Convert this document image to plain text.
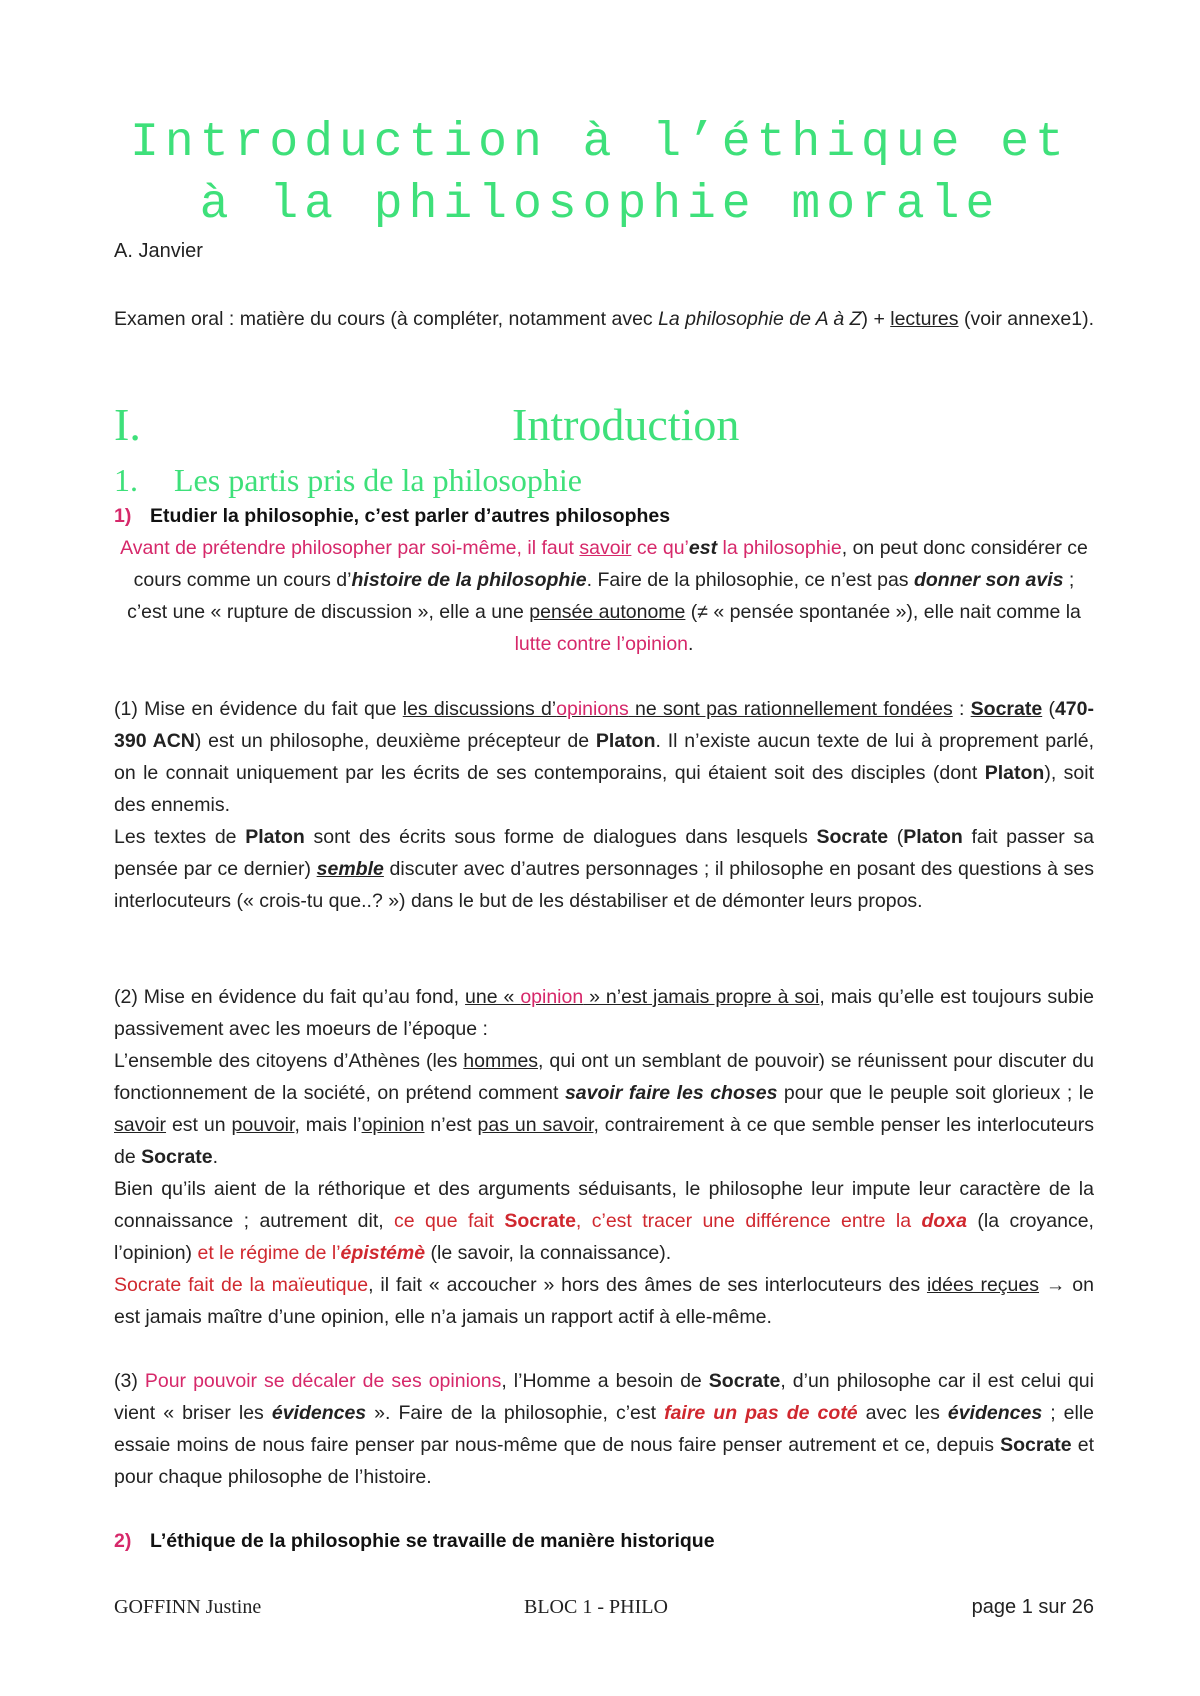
Introduction à l’éthique et
à la philosophie morale
A. Janvier
Examen oral : matière du cours (à compléter, notamment avec La philosophie de A à Z) + lectures (voir annexe1).
I.	Introduction
1. Les partis pris de la philosophie
1) Etudier la philosophie, c’est parler d’autres philosophes
Avant de prétendre philosopher par soi-même, il faut savoir ce qu’est la philosophie, on peut donc considérer ce cours comme un cours d’histoire de la philosophie. Faire de la philosophie, ce n’est pas donner son avis ; c’est une « rupture de discussion », elle a une pensée autonome (≠ « pensée spontanée »), elle nait comme la lutte contre l’opinion.
(1) Mise en évidence du fait que les discussions d’opinions ne sont pas rationnellement fondées : Socrate (470-390 ACN) est un philosophe, deuxième précepteur de Platon. Il n’existe aucun texte de lui à proprement parlé, on le connait uniquement par les écrits de ses contemporains, qui étaient soit des disciples (dont Platon), soit des ennemis.
Les textes de Platon sont des écrits sous forme de dialogues dans lesquels Socrate (Platon fait passer sa pensée par ce dernier) semble discuter avec d’autres personnages ; il philosophe en posant des questions à ses interlocuteurs (« crois-tu que..? ») dans le but de les déstabiliser et de démonter leurs propos.
(2) Mise en évidence du fait qu’au fond, une « opinion » n’est jamais propre à soi, mais qu’elle est toujours subie passivement avec les moeurs de l’époque :
L’ensemble des citoyens d’Athènes (les hommes, qui ont un semblant de pouvoir) se réunissent pour discuter du fonctionnement de la société, on prétend comment savoir faire les choses pour que le peuple soit glorieux ; le savoir est un pouvoir, mais l’opinion n’est pas un savoir, contrairement à ce que semble penser les interlocuteurs de Socrate.
Bien qu’ils aient de la réthorique et des arguments séduisants, le philosophe leur impute leur caractère de la connaissance ; autrement dit, ce que fait Socrate, c’est tracer une différence entre la doxa (la croyance, l’opinion) et le régime de l’épistémè (le savoir, la connaissance).
Socrate fait de la maïeutique, il fait « accoucher » hors des âmes de ses interlocuteurs des idées reçues → on est jamais maître d’une opinion, elle n’a jamais un rapport actif à elle-même.
(3) Pour pouvoir se décaler de ses opinions, l’Homme a besoin de Socrate, d’un philosophe car il est celui qui vient « briser les évidences ». Faire de la philosophie, c’est faire un pas de coté avec les évidences ; elle essaie moins de nous faire penser par nous-même que de nous faire penser autrement et ce, depuis Socrate et pour chaque philosophe de l’histoire.
2) L’éthique de la philosophie se travaille de manière historique
GOFFINN Justine	BLOC 1 - PHILO	page 1 sur 26
